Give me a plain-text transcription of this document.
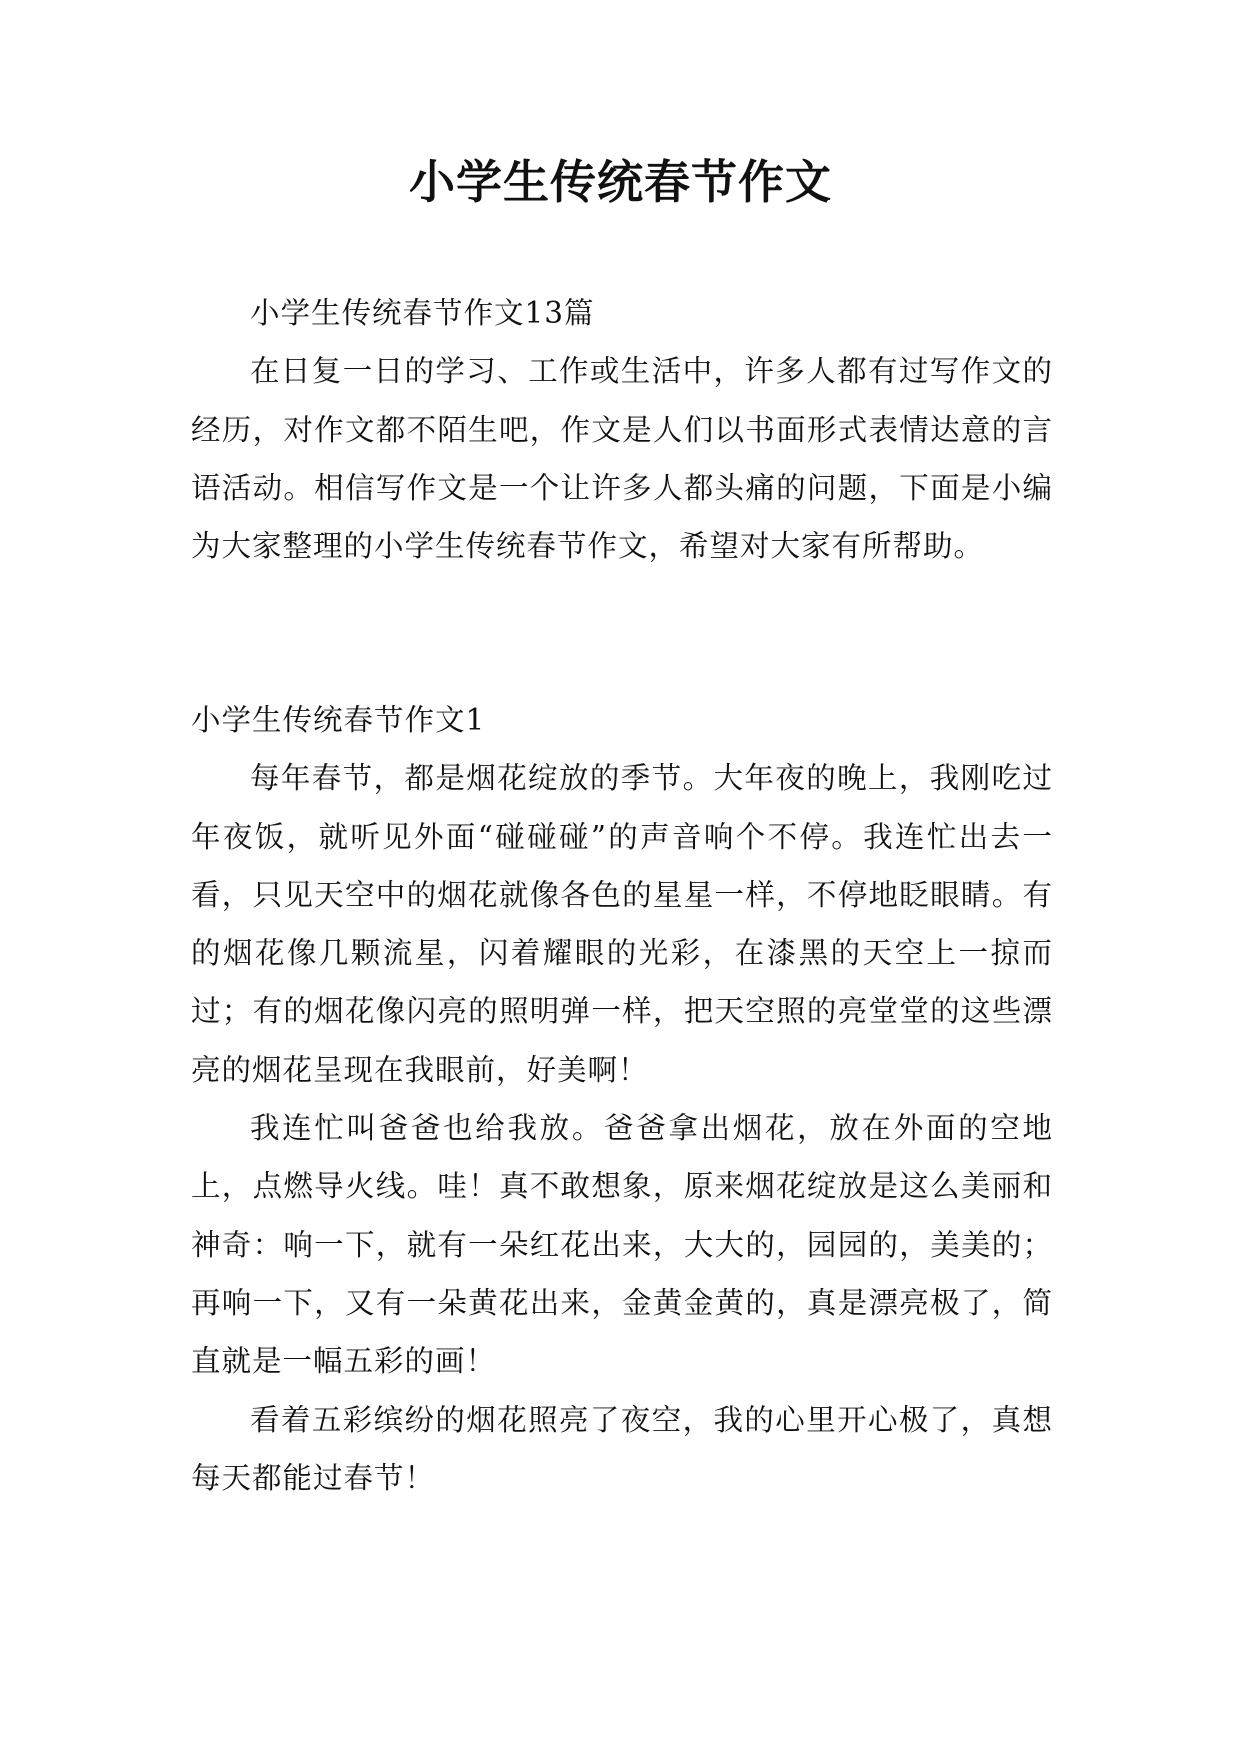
小学生传统春节作文

小学生传统春节作文13篇

在日复一日的学习、工作或生活中，许多人都有过写作文的经历，对作文都不陌生吧，作文是人们以书面形式表情达意的言语活动。相信写作文是一个让许多人都头痛的问题，下面是小编为大家整理的小学生传统春节作文，希望对大家有所帮助。

小学生传统春节作文1

每年春节，都是烟花绽放的季节。大年夜的晚上，我刚吃过年夜饭，就听见外面“碰碰碰”的声音响个不停。我连忙出去一看，只见天空中的烟花就像各色的星星一样，不停地眨眼睛。有的烟花像几颗流星，闪着耀眼的光彩，在漆黑的天空上一掠而过；有的烟花像闪亮的照明弹一样，把天空照的亮堂堂的这些漂亮的烟花呈现在我眼前，好美啊！

我连忙叫爸爸也给我放。爸爸拿出烟花，放在外面的空地上，点燃导火线。哇！真不敢想象，原来烟花绽放是这么美丽和神奇：响一下，就有一朵红花出来，大大的，园园的，美美的；再响一下，又有一朵黄花出来，金黄金黄的，真是漂亮极了，简直就是一幅五彩的画！

看着五彩缤纷的烟花照亮了夜空，我的心里开心极了，真想每天都能过春节！
